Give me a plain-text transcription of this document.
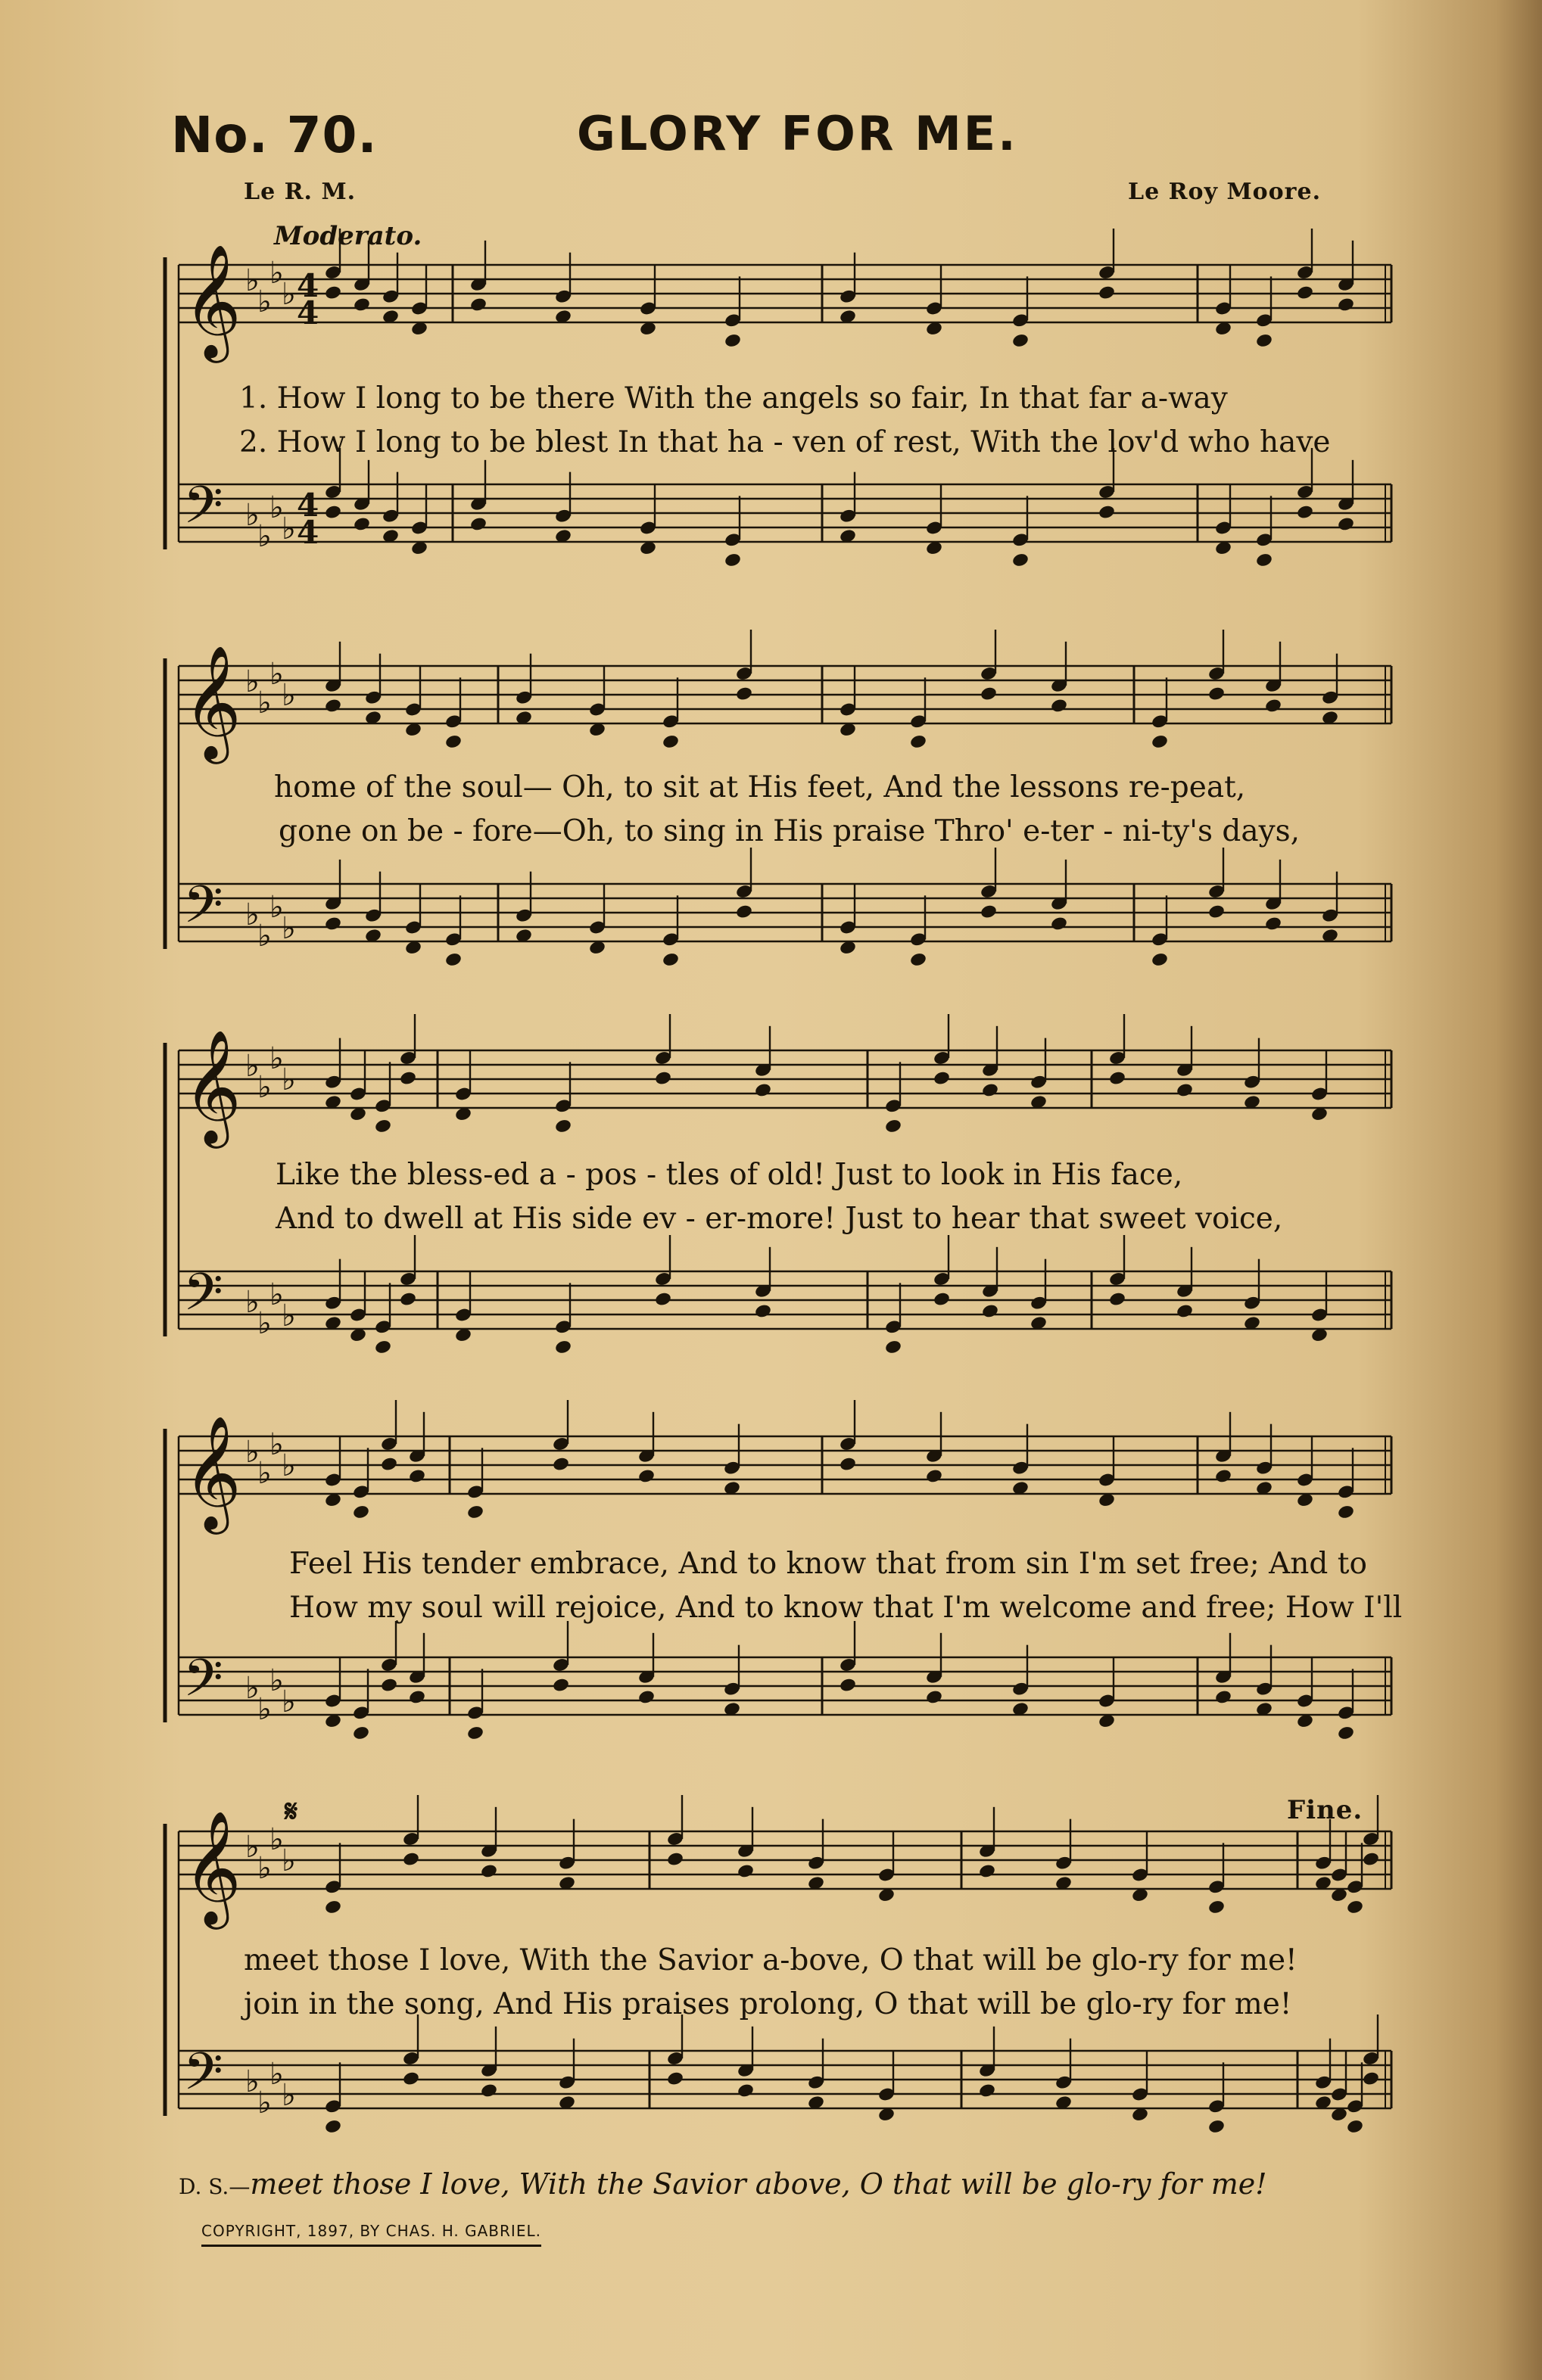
No. 70.	GLORY FOR ME.
Le R. M.	Le Roy Moore.
Moderato.
𝄞 ♭
♭
♭
♭
𝄢 ♭
♭
♭
♭
𝄞 ♭
♭
♭
♭
𝄢 ♭
♭
♭
♭
𝄞 ♭
♭
♭
♭
𝄢 ♭
♭
♭
♭
𝄞 ♭
♭
♭
♭
𝄢 ♭
♭
♭
♭
𝄞 ♭
♭
♭
♭
𝄢 ♭
♭
♭
♭
4
4
4
4
1. How I long to be there With the angels so fair, In that far a-way
2. How I long to be blest In that ha - ven of rest, With the lov'd who have
home of the soul— Oh, to sit at His feet, And the lessons re-peat,
gone on be - fore—Oh, to sing in His praise Thro' e-ter - ni-ty's days,
Like the bless-ed a - pos - tles of old! Just to look in His face,
And to dwell at His side ev - er-more! Just to hear that sweet voice,
Feel His tender embrace, And to know that from sin I'm set free; And to
How my soul will rejoice, And to know that I'm welcome and free; How I'll
meet those I love, With the Savior a-bove, O that will be glo-ry for me!
join in the song, And His praises prolong, O that will be glo-ry for me!
𝄋	Fine.
D. S.—meet those I love, With the Savior above, O that will be glo-ry for me!
COPYRIGHT, 1897, BY CHAS. H. GABRIEL.
